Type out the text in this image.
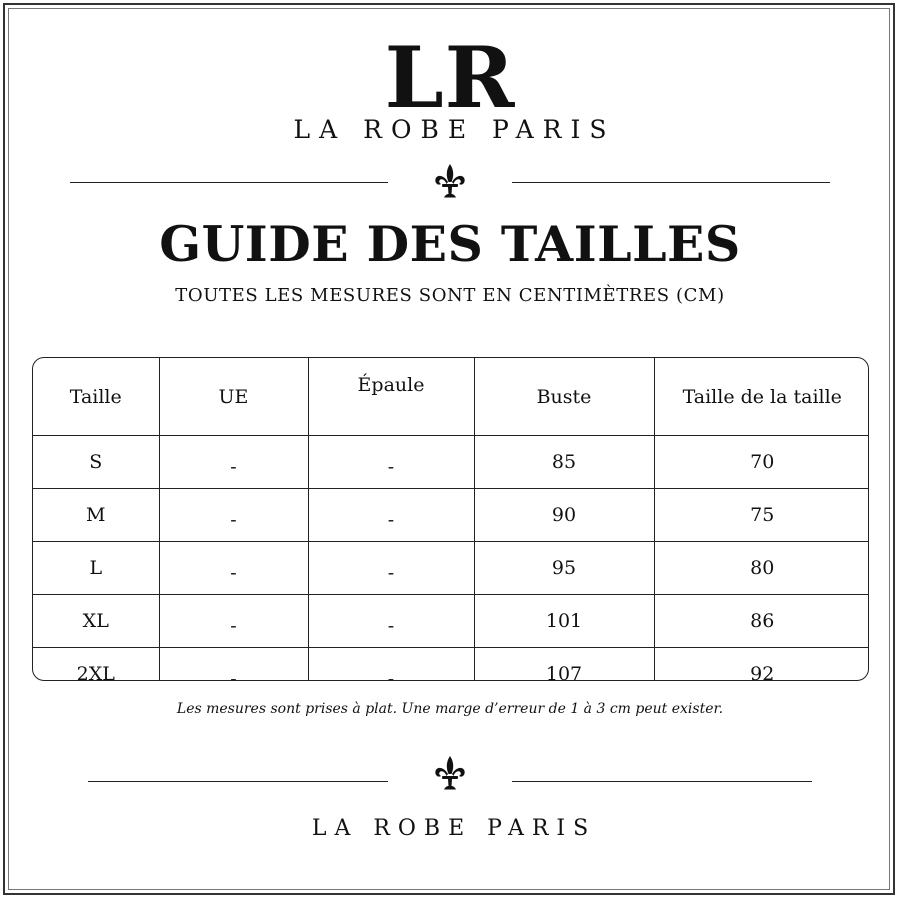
LR
LA ROBE PARIS
GUIDE DES TAILLES
TOUTES LES MESURES SONT EN CENTIMÈTRES (CM)
Taille	UE	Épaule	Buste	Taille de la taille
S	-	-	85	70
M	-	-	90	75
L	-	-	95	80
XL	-	-	101	86
2XL	-	-	107	92
Les mesures sont prises à plat. Une marge d’erreur de 1 à 3 cm peut exister.
LA ROBE PARIS
